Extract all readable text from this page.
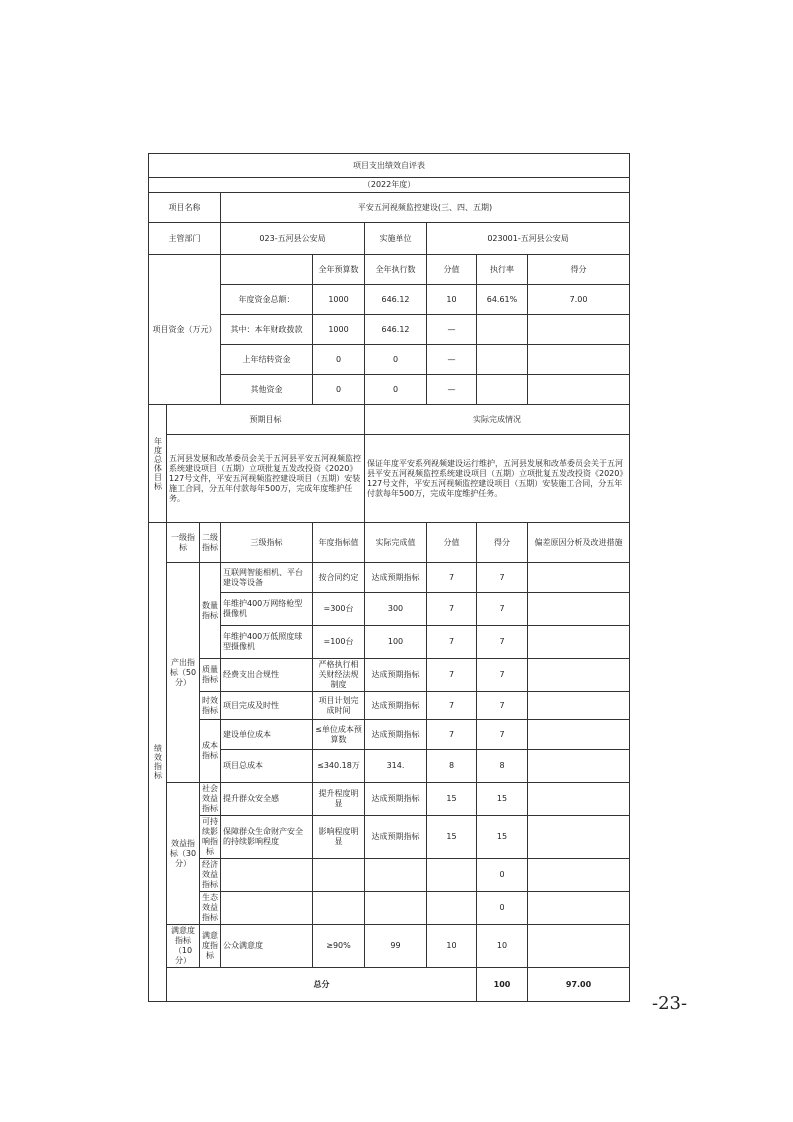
项目支出绩效自评表									
（2022年度）									
项目名称			平安五河视频监控建设(三、四、五期)						
主管部门			023-五河县公安局		实施单位	023001-五河县公安局			
项目资金（万元）				全年预算数	全年执行数	分值	执行率	得分	
			年度资金总额：	1000	646.12	10	64.61%	7.00	
			其中：本年财政拨款	1000	646.12	—			
			上年结转资金	0	0	—			
			其他资金	0	0	—			
年度总体目标	预期目标				实际完成情况				
	五河县发展和改革委员会关于五河县平安五河视频监控系统建设项目（五期）立项批复五发改投资《2020》127号文件，平安五河视频监控建设项目（五期）安装施工合同，分五年付款每年500万，完成年度维护任务。				保证年度平安系列视频建设运行维护，五河县发展和改革委员会关于五河县平安五河视频监控系统建设项目（五期）立项批复五发改投资《2020》127号文件，平安五河视频监控建设项目（五期）安装施工合同，分五年付款每年500万，完成年度维护任务。				
绩效指标	一级指标	二级指标	三级指标	年度指标值	实际完成值	分值	得分	偏差原因分析及改进措施	
	产出指标（50分）	数量指标	互联网智能相机、平台建设等设备	按合同约定	达成预期指标	7	7		
			年维护400万网络枪型摄像机	=300台	300	7	7		
			年维护400万低照度球型摄像机	=100台	100	7	7		
		质量指标	经费支出合规性	严格执行相关财经法规制度	达成预期指标	7	7		
		时效指标	项目完成及时性	项目计划完成时间	达成预期指标	7	7		
		成本指标	建设单位成本	≤单位成本预算数	达成预期指标	7	7		
			项目总成本	≤340.18万	314.	8	8		
	效益指标（30分）	社会效益指标	提升群众安全感	提升程度明显	达成预期指标	15	15		
		可持续影响指标	保障群众生命财产安全的持续影响程度	影响程度明显	达成预期指标	15	15		
		经济效益指标					0		
		生态效益指标					0		
	满意度指标（10分）	满意度指标	公众满意度	≥90%	99	10	10		
	总分						100	97.00	
-23-
